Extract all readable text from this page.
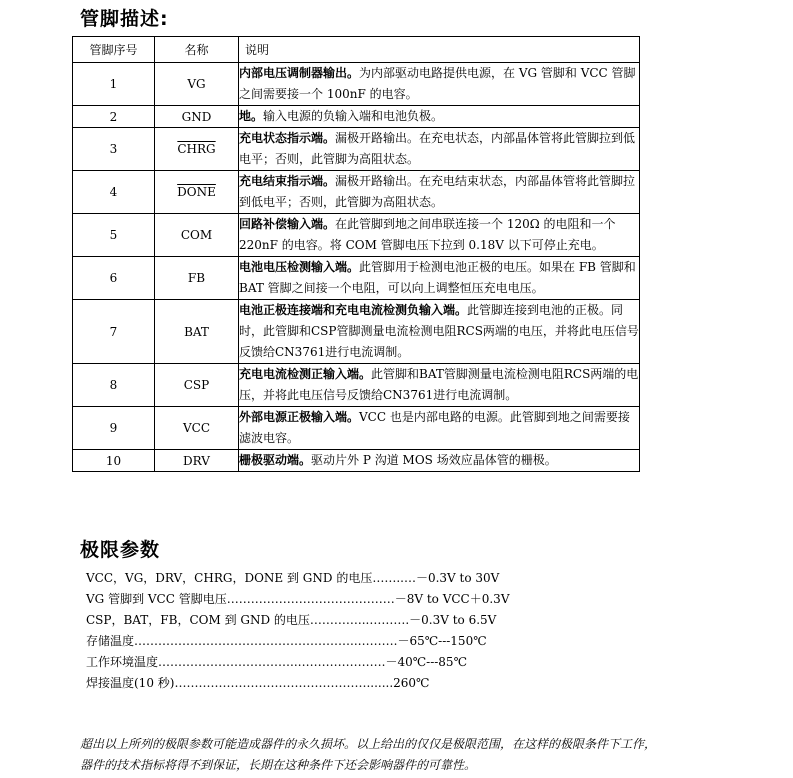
管脚描述:
管脚序号	名称	说明
1	VG	内部电压调制器输出。为内部驱动电路提供电源，在 VG 管脚和 VCC 管脚之间需要接一个 100nF 的电容。
2	GND	地。输入电源的负输入端和电池负极。
3	CHRG	充电状态指示端。漏极开路输出。在充电状态，内部晶体管将此管脚拉到低电平；否则，此管脚为高阻状态。
4	DONE	充电结束指示端。漏极开路输出。在充电结束状态，内部晶体管将此管脚拉到低电平；否则，此管脚为高阻状态。
5	COM	回路补偿输入端。在此管脚到地之间串联连接一个 120Ω 的电阻和一个 220nF 的电容。将 COM 管脚电压下拉到 0.18V 以下可停止充电。
6	FB	电池电压检测输入端。此管脚用于检测电池正极的电压。如果在 FB 管脚和 BAT 管脚之间接一个电阻，可以向上调整恒压充电电压。
7	BAT	电池正极连接端和充电电流检测负输入端。此管脚连接到电池的正极。同时，此管脚和CSP管脚测量电流检测电阻RCS两端的电压，并将此电压信号反馈给CN3761进行电流调制。
8	CSP	充电电流检测正输入端。此管脚和BAT管脚测量电流检测电阻RCS两端的电压，并将此电压信号反馈给CN3761进行电流调制。
9	VCC	外部电源正极输入端。VCC 也是内部电路的电源。此管脚到地之间需要接滤波电容。
10	DRV	栅极驱动端。驱动片外 P 沟道 MOS 场效应晶体管的栅极。
极限参数
VCC，VG，DRV，CHRG，DONE 到 GND 的电压……..…－0.3V to 30V
VG 管脚到 VCC 管脚电压……………………………………－8V to VCC＋0.3V
CSP，BAT，FB，COM 到 GND 的电压…………...……….－0.3V to 6.5V
存储温度………………………………………………..……….－65℃---150℃
工作环境温度……………………………..………………….－40℃---85℃
焊接温度(10 秒)………………………………………….......260℃
超出以上所列的极限参数可能造成器件的永久损坏。以上给出的仅仅是极限范围，在这样的极限条件下工作，
器件的技术指标将得不到保证，长期在这种条件下还会影响器件的可靠性。
